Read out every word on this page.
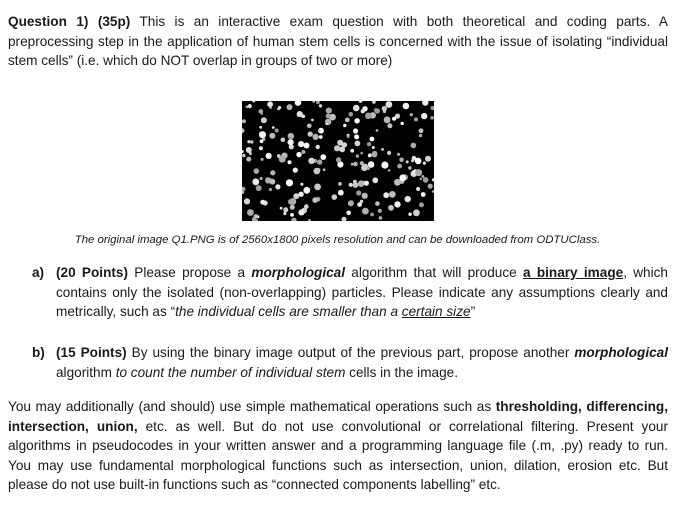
Question 1) (35p) This is an interactive exam question with both theoretical and coding parts. A preprocessing step in the application of human stem cells is concerned with the issue of isolating “individual stem cells” (i.e. which do NOT overlap in groups of two or more)
The original image Q1.PNG is of 2560x1800 pixels resolution and can be downloaded from ODTUClass.
a) (20 Points) Please propose a morphological algorithm that will produce a binary image, which contains only the isolated (non-overlapping) particles. Please indicate any assumptions clearly and metrically, such as “the individual cells are smaller than a certain size”
b) (15 Points) By using the binary image output of the previous part, propose another morphological algorithm to count the number of individual stem cells in the image.
You may additionally (and should) use simple mathematical operations such as thresholding, differencing, intersection, union, etc. as well. But do not use convolutional or correlational filtering. Present your algorithms in pseudocodes in your written answer and a programming language file (.m, .py) ready to run. You may use fundamental morphological functions such as intersection, union, dilation, erosion etc. But please do not use built-in functions such as “connected components labelling” etc.
